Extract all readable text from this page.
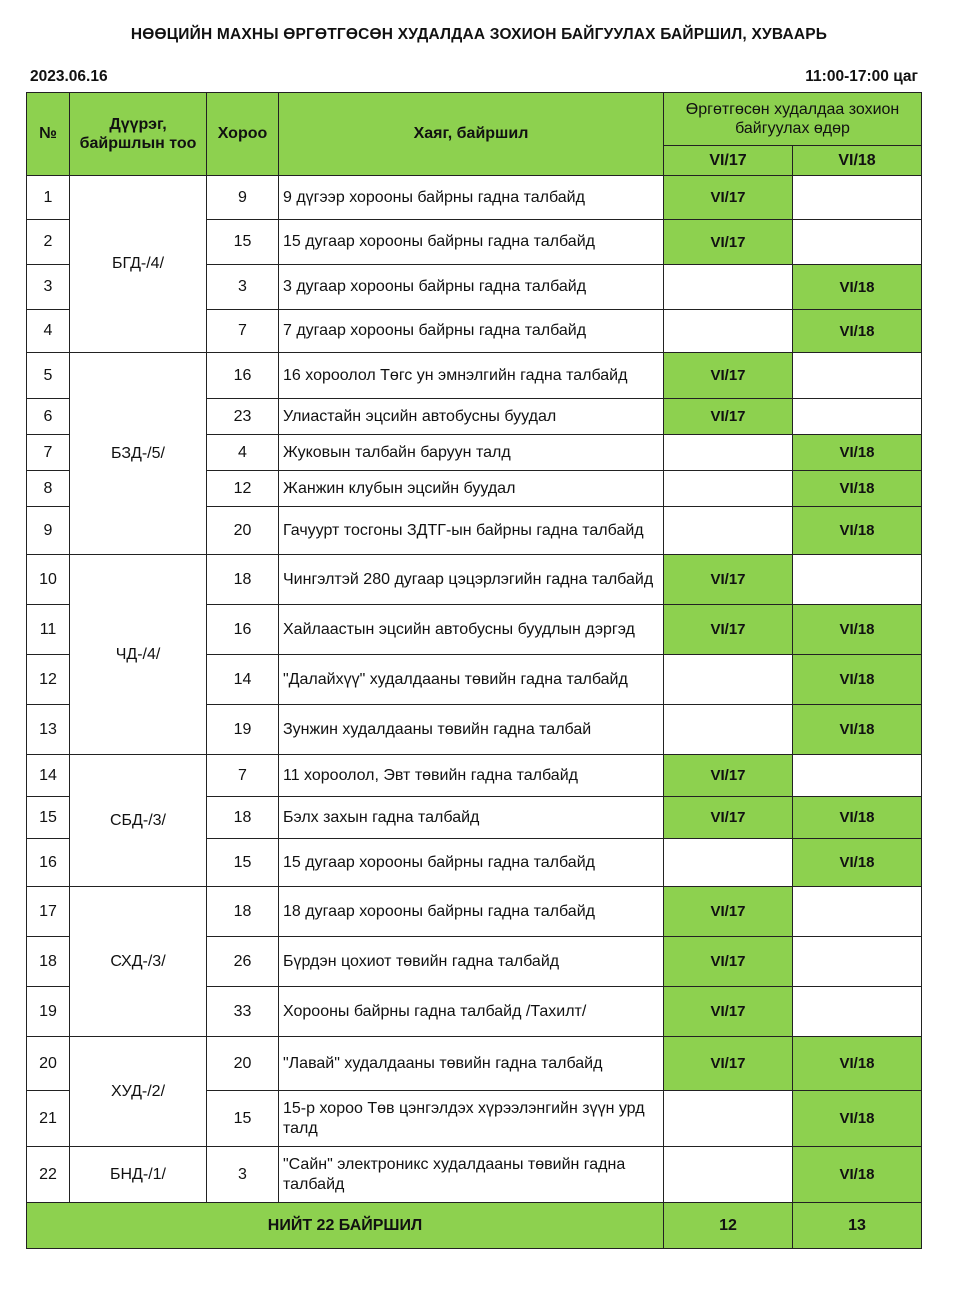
НӨӨЦИЙН МАХНЫ ӨРГӨТГӨСӨН ХУДАЛДАА ЗОХИОН БАЙГУУЛАХ БАЙРШИЛ, ХУВААРЬ
2023.06.16	11:00-17:00 цаг
№	Дүүрэг, байршлын тоо	Хороо	Хаяг, байршил	Өргөтгөсөн худалдаа зохион байгуулах өдөр	
				VI/17	VI/18
1	БГД-/4/	9	9 дүгээр хорооны байрны гадна талбайд	VI/17	
2		15	15 дугаар хорооны байрны гадна талбайд	VI/17	
3		3	3 дугаар хорооны байрны гадна талбайд		VI/18
4		7	7 дугаар хорооны байрны гадна талбайд		VI/18
5	БЗД-/5/	16	16 хороолол Төгс ун эмнэлгийн гадна талбайд	VI/17	
6		23	Улиастайн эцсийн автобусны буудал	VI/17	
7		4	Жуковын талбайн баруун талд		VI/18
8		12	Жанжин клубын эцсийн буудал		VI/18
9		20	Гачуурт тосгоны ЗДТГ-ын байрны гадна талбайд		VI/18
10	ЧД-/4/	18	Чингэлтэй 280 дугаар цэцэрлэгийн гадна талбайд	VI/17	
11		16	Хайлаастын эцсийн автобусны буудлын дэргэд	VI/17	VI/18
12		14	"Далайхүү" худалдааны төвийн гадна талбайд		VI/18
13		19	Зунжин худалдааны төвийн гадна талбай		VI/18
14	СБД-/3/	7	11 хороолол, Эвт төвийн гадна талбайд	VI/17	
15		18	Бэлх захын гадна талбайд	VI/17	VI/18
16		15	15 дугаар хорооны байрны гадна талбайд		VI/18
17	СХД-/3/	18	18 дугаар хорооны байрны гадна талбайд	VI/17	
18		26	Бүрдэн цохиот төвийн гадна талбайд	VI/17	
19		33	Хорооны байрны гадна талбайд /Тахилт/	VI/17	
20	ХУД-/2/	20	"Лавай" худалдааны төвийн гадна талбайд	VI/17	VI/18
21		15	15-р хороо Төв цэнгэлдэх хүрээлэнгийн зүүн урд талд		VI/18
22	БНД-/1/	3	"Сайн" электроникс худалдааны төвийн гадна талбайд		VI/18
НИЙТ 22 БАЙРШИЛ				12	13
